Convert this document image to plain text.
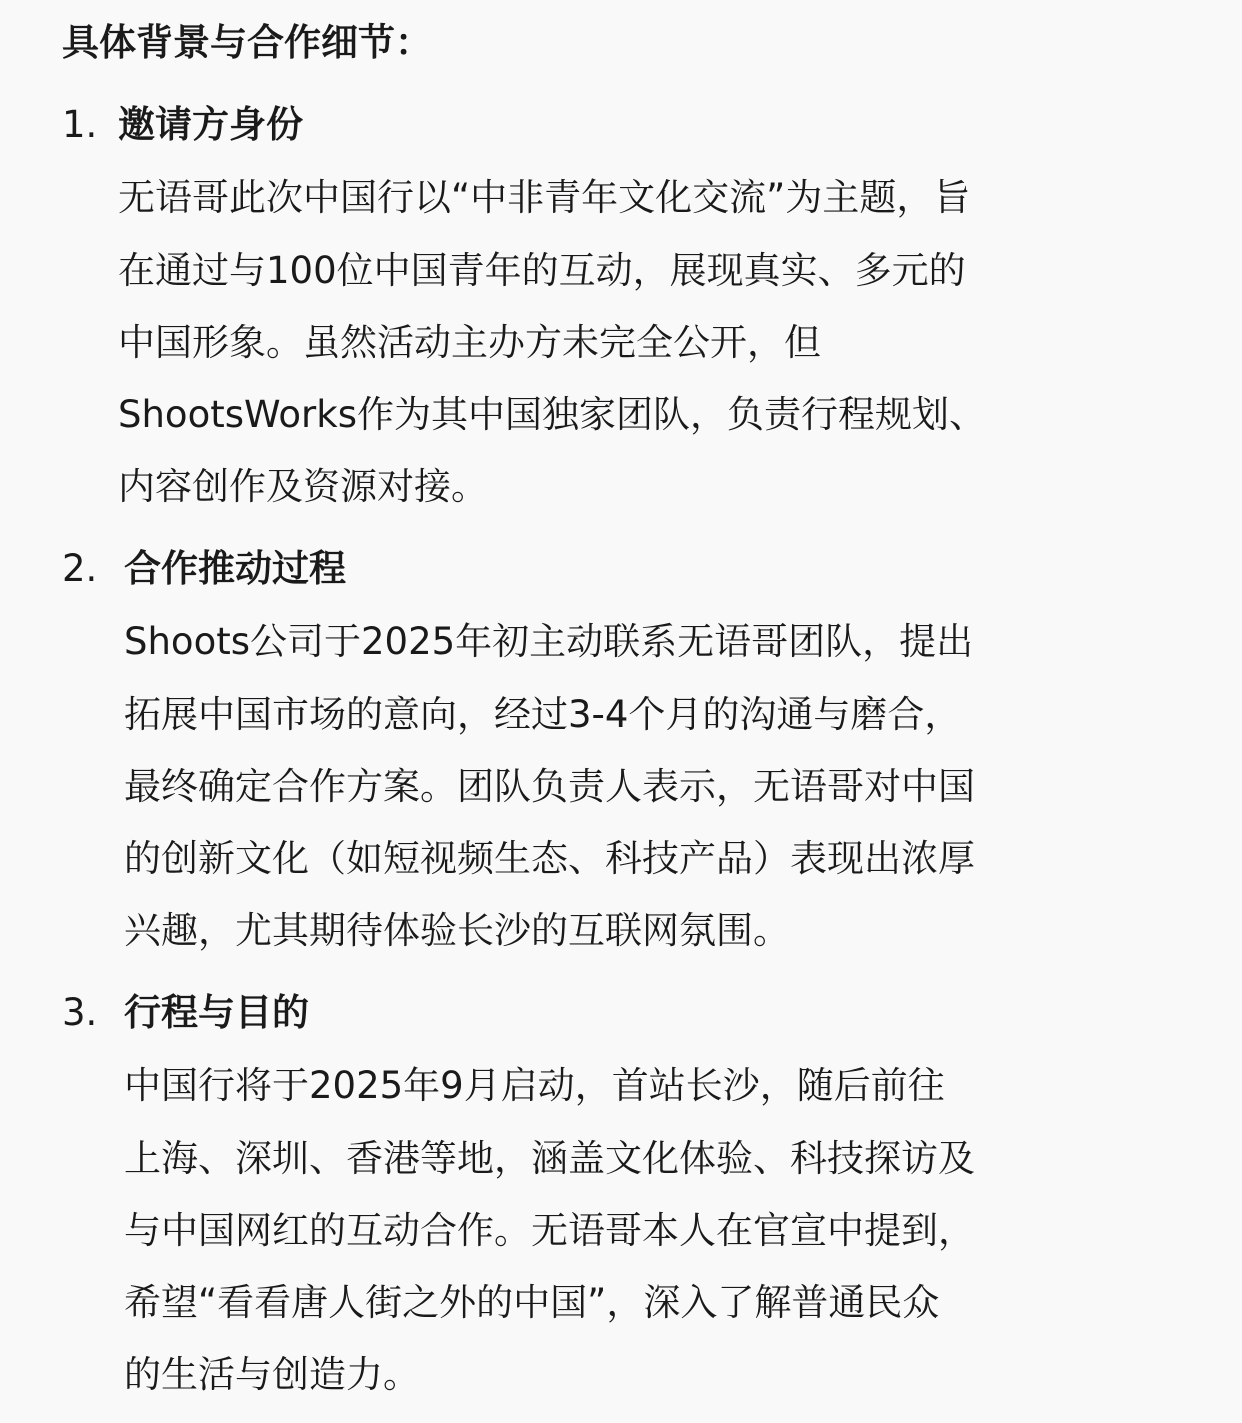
具体背景与合作细节：
1. 邀请方身份

无语哥此次中国行以“中非青年文化交流”为主题，旨

在通过与100位中国青年的互动，展现真实、多元的

中国形象。虽然活动主办方未完全公开，但

ShootsWorks作为其中国独家团队，负责行程规划、

内容创作及资源对接。

2. 合作推动过程

Shoots公司于2025年初主动联系无语哥团队，提出

拓展中国市场的意向，经过3-4个月的沟通与磨合，

最终确定合作方案。团队负责人表示，无语哥对中国

的创新文化（如短视频生态、科技产品）表现出浓厚

兴趣，尤其期待体验长沙的互联网氛围。

3. 行程与目的

中国行将于2025年9月启动，首站长沙，随后前往

上海、深圳、香港等地，涵盖文化体验、科技探访及

与中国网红的互动合作。无语哥本人在官宣中提到，

希望“看看唐人街之外的中国”，深入了解普通民众

的生活与创造力。
